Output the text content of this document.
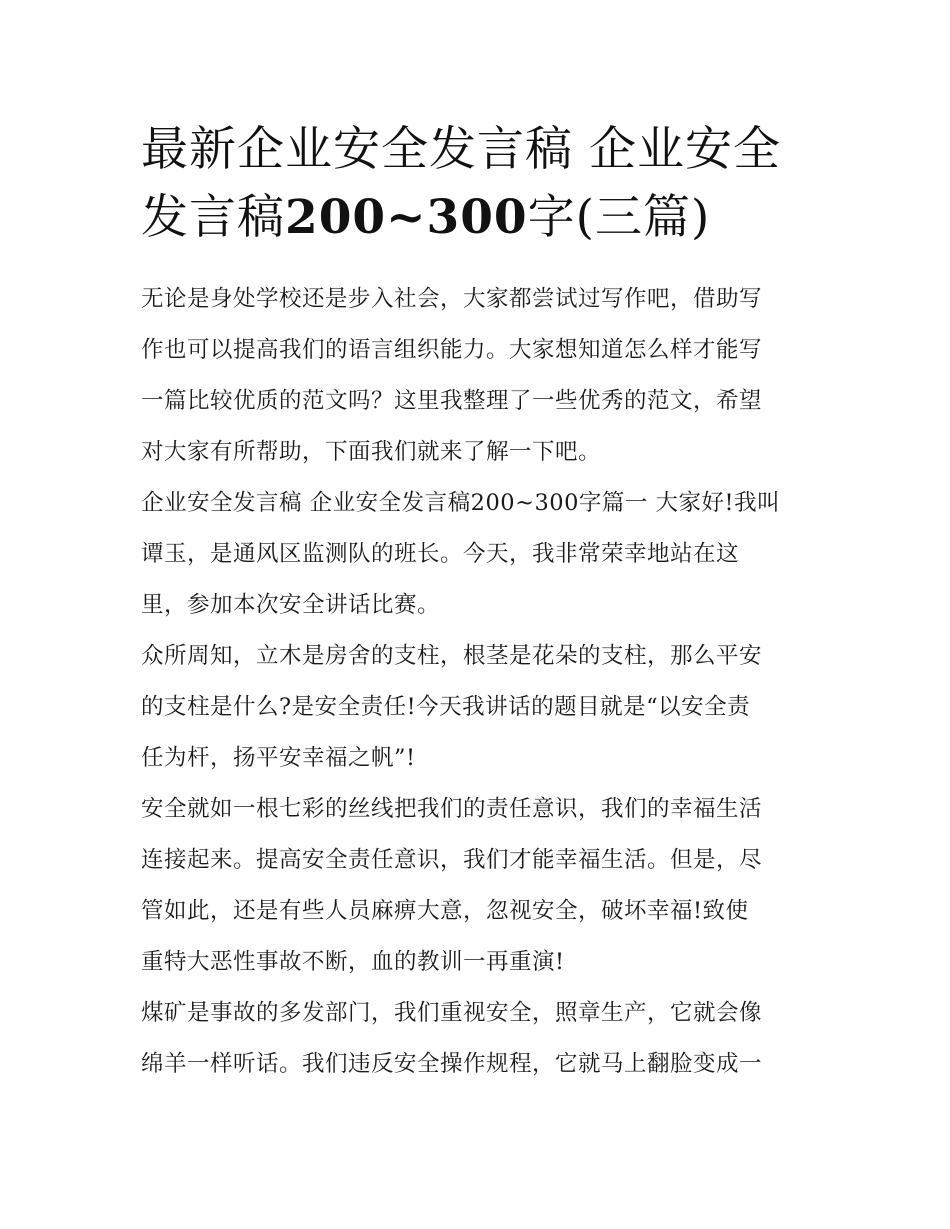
最新企业安全发言稿 企业安全
发言稿200~300字(三篇)

无论是身处学校还是步入社会，大家都尝试过写作吧，借助写
作也可以提高我们的语言组织能力。大家想知道怎么样才能写
一篇比较优质的范文吗？这里我整理了一些优秀的范文，希望
对大家有所帮助，下面我们就来了解一下吧。

企业安全发言稿 企业安全发言稿200~300字篇一 大家好!我叫
谭玉，是通风区监测队的班长。今天，我非常荣幸地站在这
里，参加本次安全讲话比赛。

众所周知，立木是房舍的支柱，根茎是花朵的支柱，那么平安
的支柱是什么?是安全责任!今天我讲话的题目就是“以安全责
任为杆，扬平安幸福之帆”!

安全就如一根七彩的丝线把我们的责任意识，我们的幸福生活
连接起来。提高安全责任意识，我们才能幸福生活。但是，尽
管如此，还是有些人员麻痹大意，忽视安全，破坏幸福!致使
重特大恶性事故不断，血的教训一再重演!

煤矿是事故的多发部门，我们重视安全，照章生产，它就会像
绵羊一样听话。我们违反安全操作规程，它就马上翻脸变成一
